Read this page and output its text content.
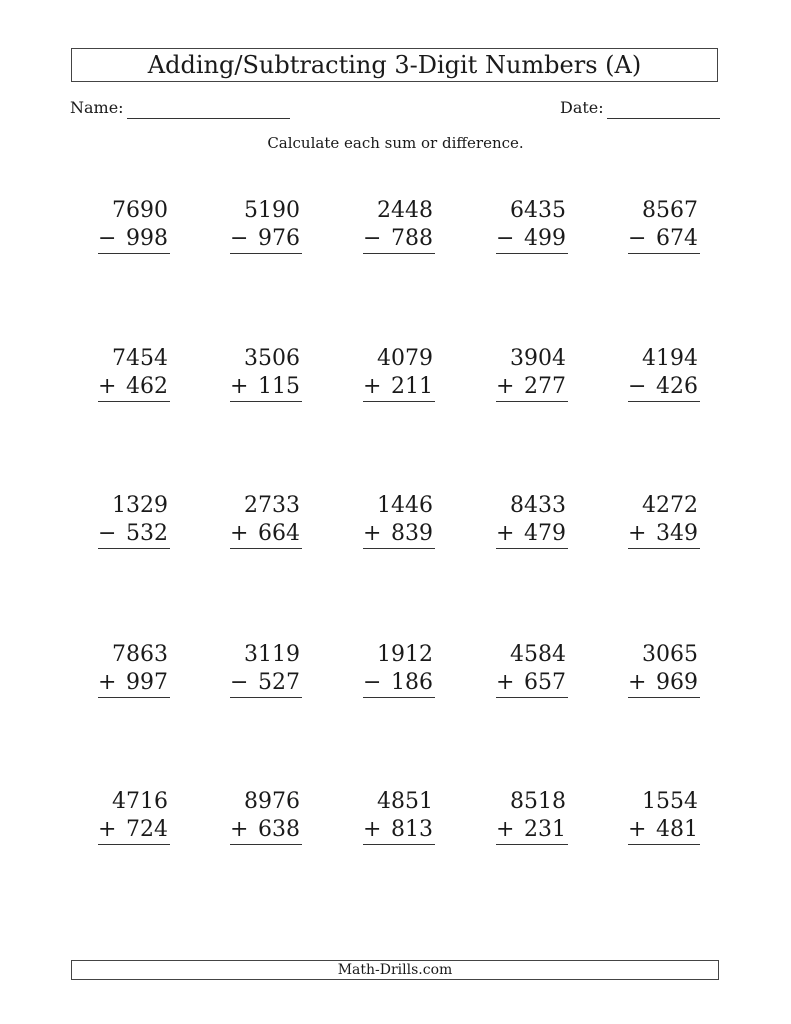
Adding/Subtracting 3-Digit Numbers (A)
Name:	Date:
Calculate each sum or difference.
7690
− 998
5190
− 976
2448
− 788
6435
− 499
8567
− 674
7454
+ 462
3506
+ 115
4079
+ 211
3904
+ 277
4194
− 426
1329
− 532
2733
+ 664
1446
+ 839
8433
+ 479
4272
+ 349
7863
+ 997
3119
− 527
1912
− 186
4584
+ 657
3065
+ 969
4716
+ 724
8976
+ 638
4851
+ 813
8518
+ 231
1554
+ 481
Math-Drills.com
